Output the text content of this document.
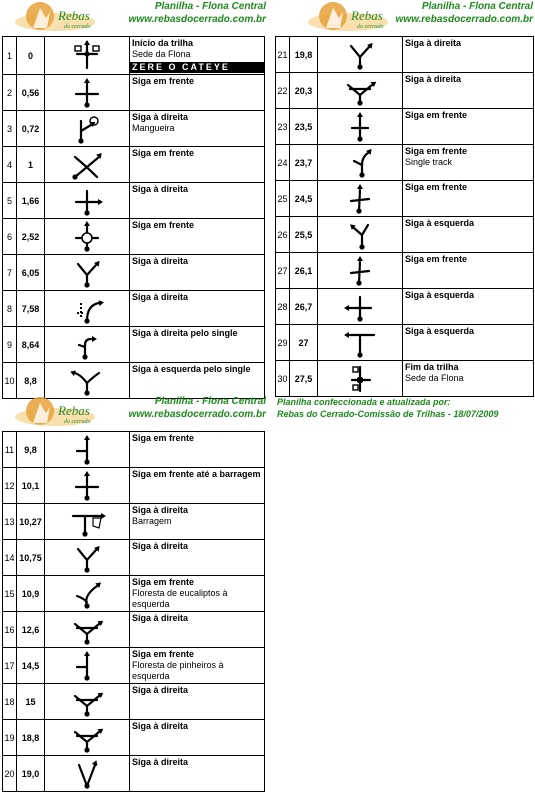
Rebas
do cerrado
Planilha - Flona Central
www.rebasdocerrado.com.br	Rebas
do cerrado
Planilha - Flona Central
www.rebasdocerrado.com.br
1	0		Início da trilha
Sede da Flona
ZERE O CATEYE

2	0,56		Siga em frente

3	0,72		Siga à direita
Mangueira

4	1		Siga em frente

5	1,66		Siga à direita

6	2,52		Siga em frente

7	6,05		Siga à direita

8	7,58		Siga à direita

9	8,64		Siga à direita pelo single

10	8,8		Siga à esquerda pelo single
21	19,8		Siga à direita

22	20,3		Siga à direita

23	23,5		Siga em frente

24	23,7		Siga em frente
Single track

25	24,5		Siga em frente

26	25,5		Siga à esquerda

27	26,1		Siga em frente

28	26,7		Siga à esquerda

29	27		Siga à esquerda

30	27,5		Fim da trilha
Sede da Flona
Rebas
do cerrado
Planilha - Flona Central
www.rebasdocerrado.com.br
Planilha confeccionada e atualizada por:
Rebas do Cerrado-Comissão de Trilhas - 18/07/2009
11	9,8		Siga em frente

12	10,1		Siga em frente até a barragem

13	10,27		Siga à direita
Barragem

14	10,75		Siga à direita

15	10,9		Siga em frente
Floresta de eucaliptos à esquerda

16	12,6		Siga à direita

17	14,5		Siga em frente
Floresta de pinheiros à esquerda

18	15		Siga à direita

19	18,8		Siga à direita

20	19,0		Siga à direita
